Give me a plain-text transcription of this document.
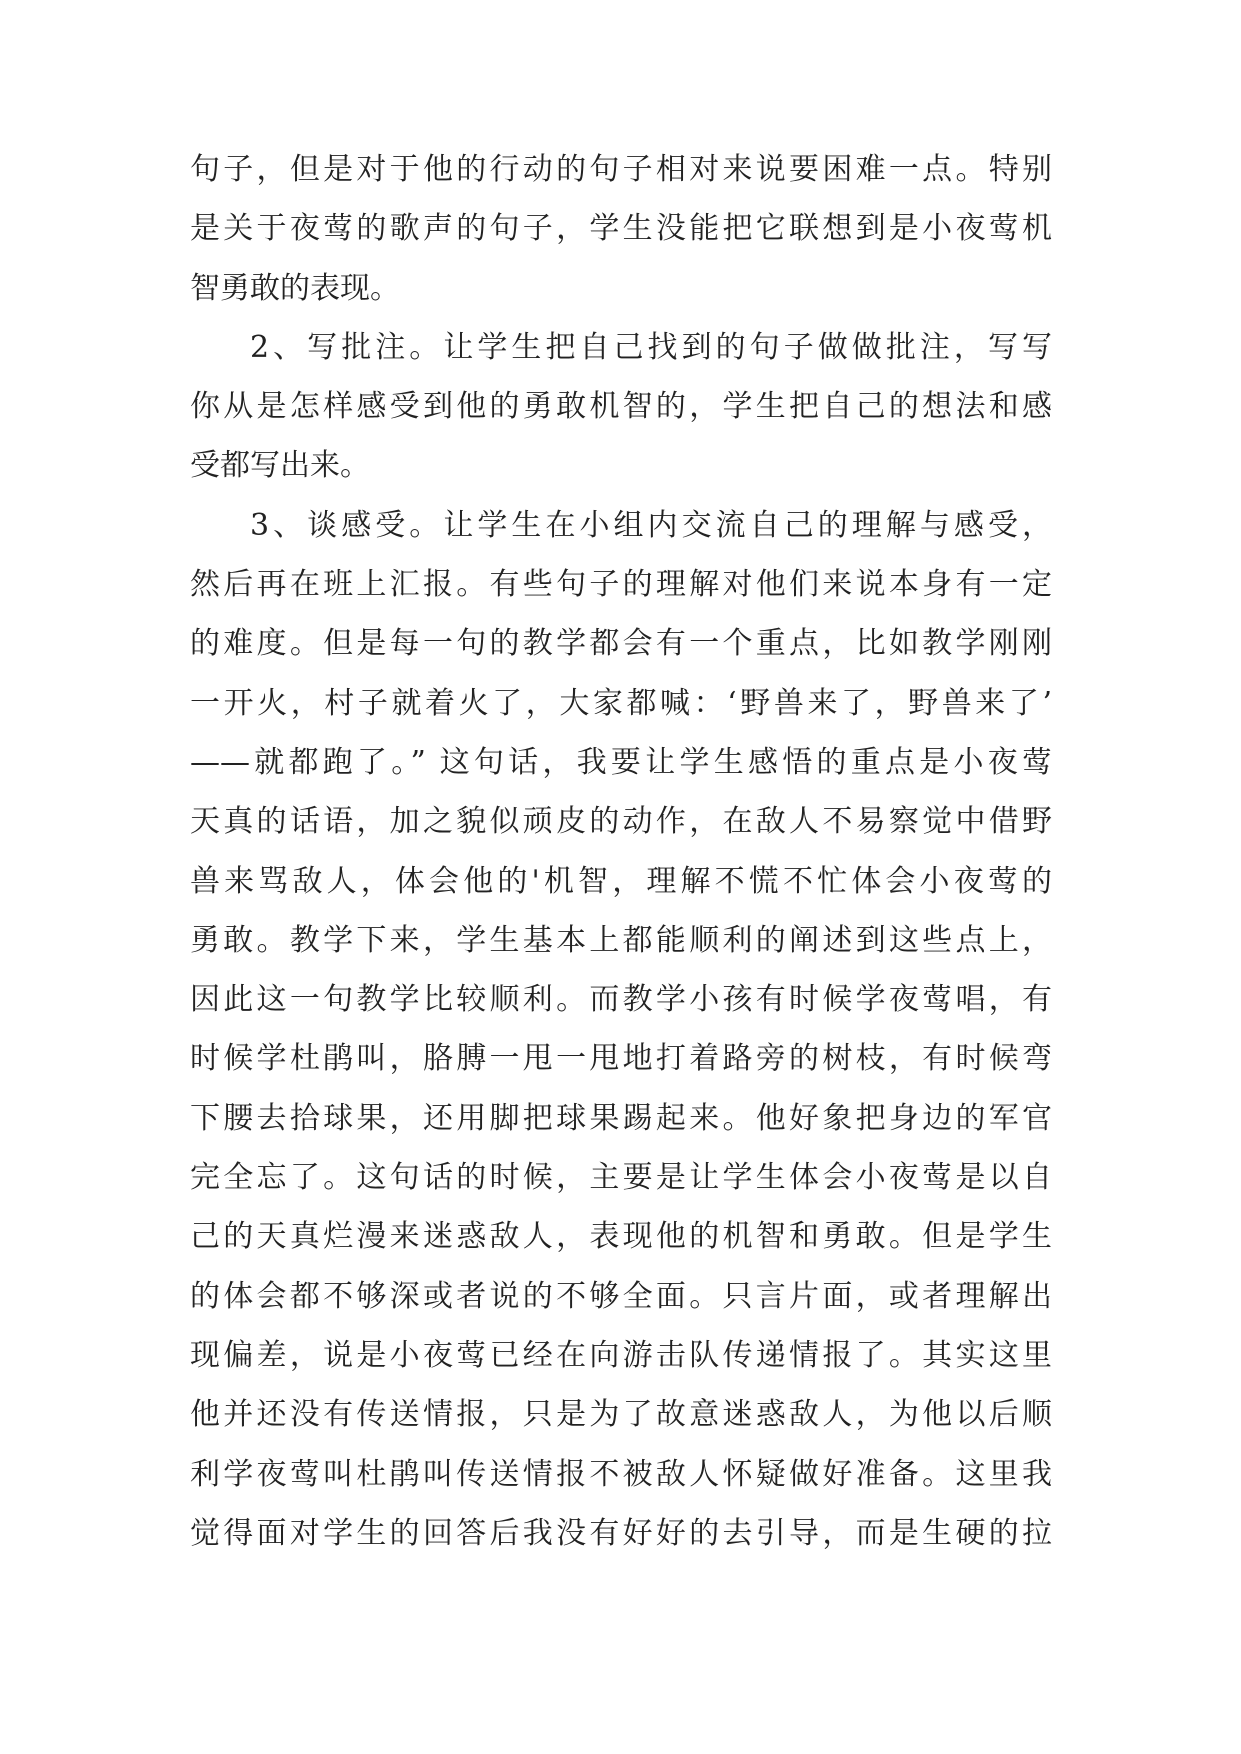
句子，但是对于他的行动的句子相对来说要困难一点。特别
是关于夜莺的歌声的句子，学生没能把它联想到是小夜莺机
智勇敢的表现。
2、写批注。让学生把自己找到的句子做做批注，写写
你从是怎样感受到他的勇敢机智的，学生把自己的想法和感
受都写出来。
3、谈感受。让学生在小组内交流自己的理解与感受，
然后再在班上汇报。有些句子的理解对他们来说本身有一定
的难度。但是每一句的教学都会有一个重点，比如教学刚刚
一开火，村子就着火了，大家都喊：‘野兽来了，野兽来了’
——就都跑了。” 这句话，我要让学生感悟的重点是小夜莺
天真的话语，加之貌似顽皮的动作，在敌人不易察觉中借野
兽来骂敌人，体会他的'机智，理解不慌不忙体会小夜莺的
勇敢。教学下来，学生基本上都能顺利的阐述到这些点上，
因此这一句教学比较顺利。而教学小孩有时候学夜莺唱，有
时候学杜鹃叫，胳膊一甩一甩地打着路旁的树枝，有时候弯
下腰去拾球果，还用脚把球果踢起来。他好象把身边的军官
完全忘了。这句话的时候，主要是让学生体会小夜莺是以自
己的天真烂漫来迷惑敌人，表现他的机智和勇敢。但是学生
的体会都不够深或者说的不够全面。只言片面，或者理解出
现偏差，说是小夜莺已经在向游击队传递情报了。其实这里
他并还没有传送情报，只是为了故意迷惑敌人，为他以后顺
利学夜莺叫杜鹃叫传送情报不被敌人怀疑做好准备。这里我
觉得面对学生的回答后我没有好好的去引导，而是生硬的拉
